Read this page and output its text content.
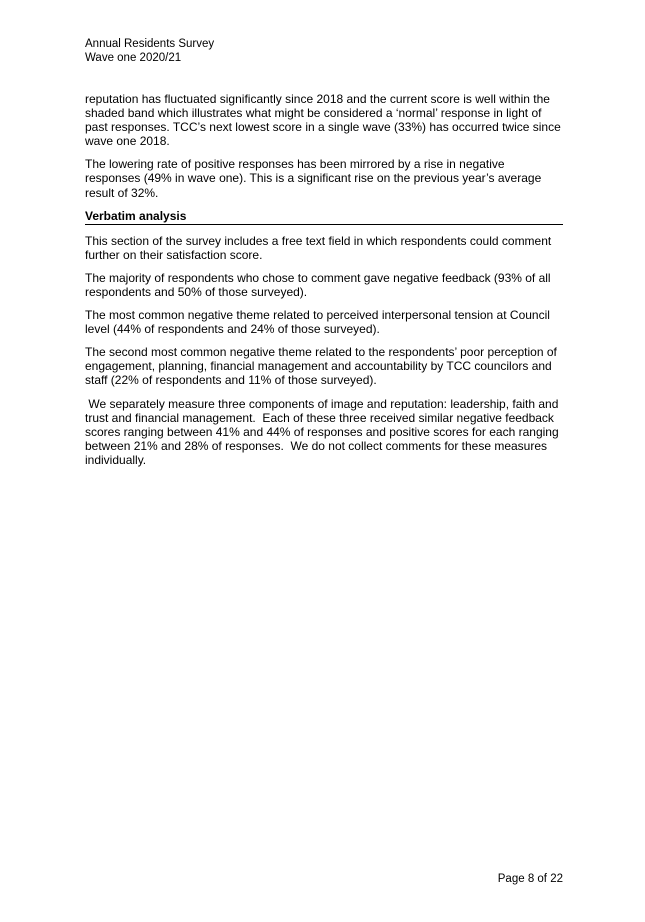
Annual Residents Survey
Wave one 2020/21

reputation has fluctuated significantly since 2018 and the current score is well within the shaded band which illustrates what might be considered a ‘normal’ response in light of past responses. TCC’s next lowest score in a single wave (33%) has occurred twice since wave one 2018.

The lowering rate of positive responses has been mirrored by a rise in negative responses (49% in wave one). This is a significant rise on the previous year’s average result of 32%.

Verbatim analysis

This section of the survey includes a free text field in which respondents could comment further on their satisfaction score.

The majority of respondents who chose to comment gave negative feedback (93% of all respondents and 50% of those surveyed).

The most common negative theme related to perceived interpersonal tension at Council level (44% of respondents and 24% of those surveyed).

The second most common negative theme related to the respondents’ poor perception of engagement, planning, financial management and accountability by TCC councilors and staff (22% of respondents and 11% of those surveyed).

We separately measure three components of image and reputation: leadership, faith and trust and financial management.  Each of these three received similar negative feedback scores ranging between 41% and 44% of responses and positive scores for each ranging between 21% and 28% of responses.  We do not collect comments for these measures individually.

Page 8 of 22
